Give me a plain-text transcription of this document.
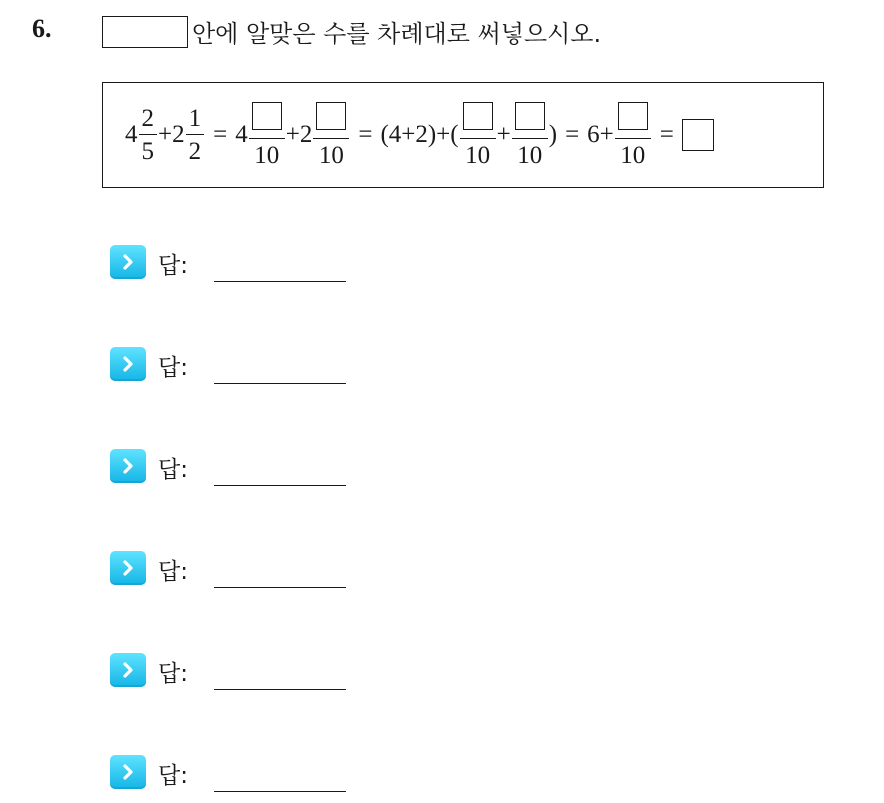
6.	안에 알맞은 수를 차례대로 써넣으시오.
$4 \frac{2}{5} + 2 \frac{1}{2} = 4$
10
+ 2
10
= (4+2)+(
10
+
10
) = 6 +
10
=
답:
답:
답:
답:
답:
답:
